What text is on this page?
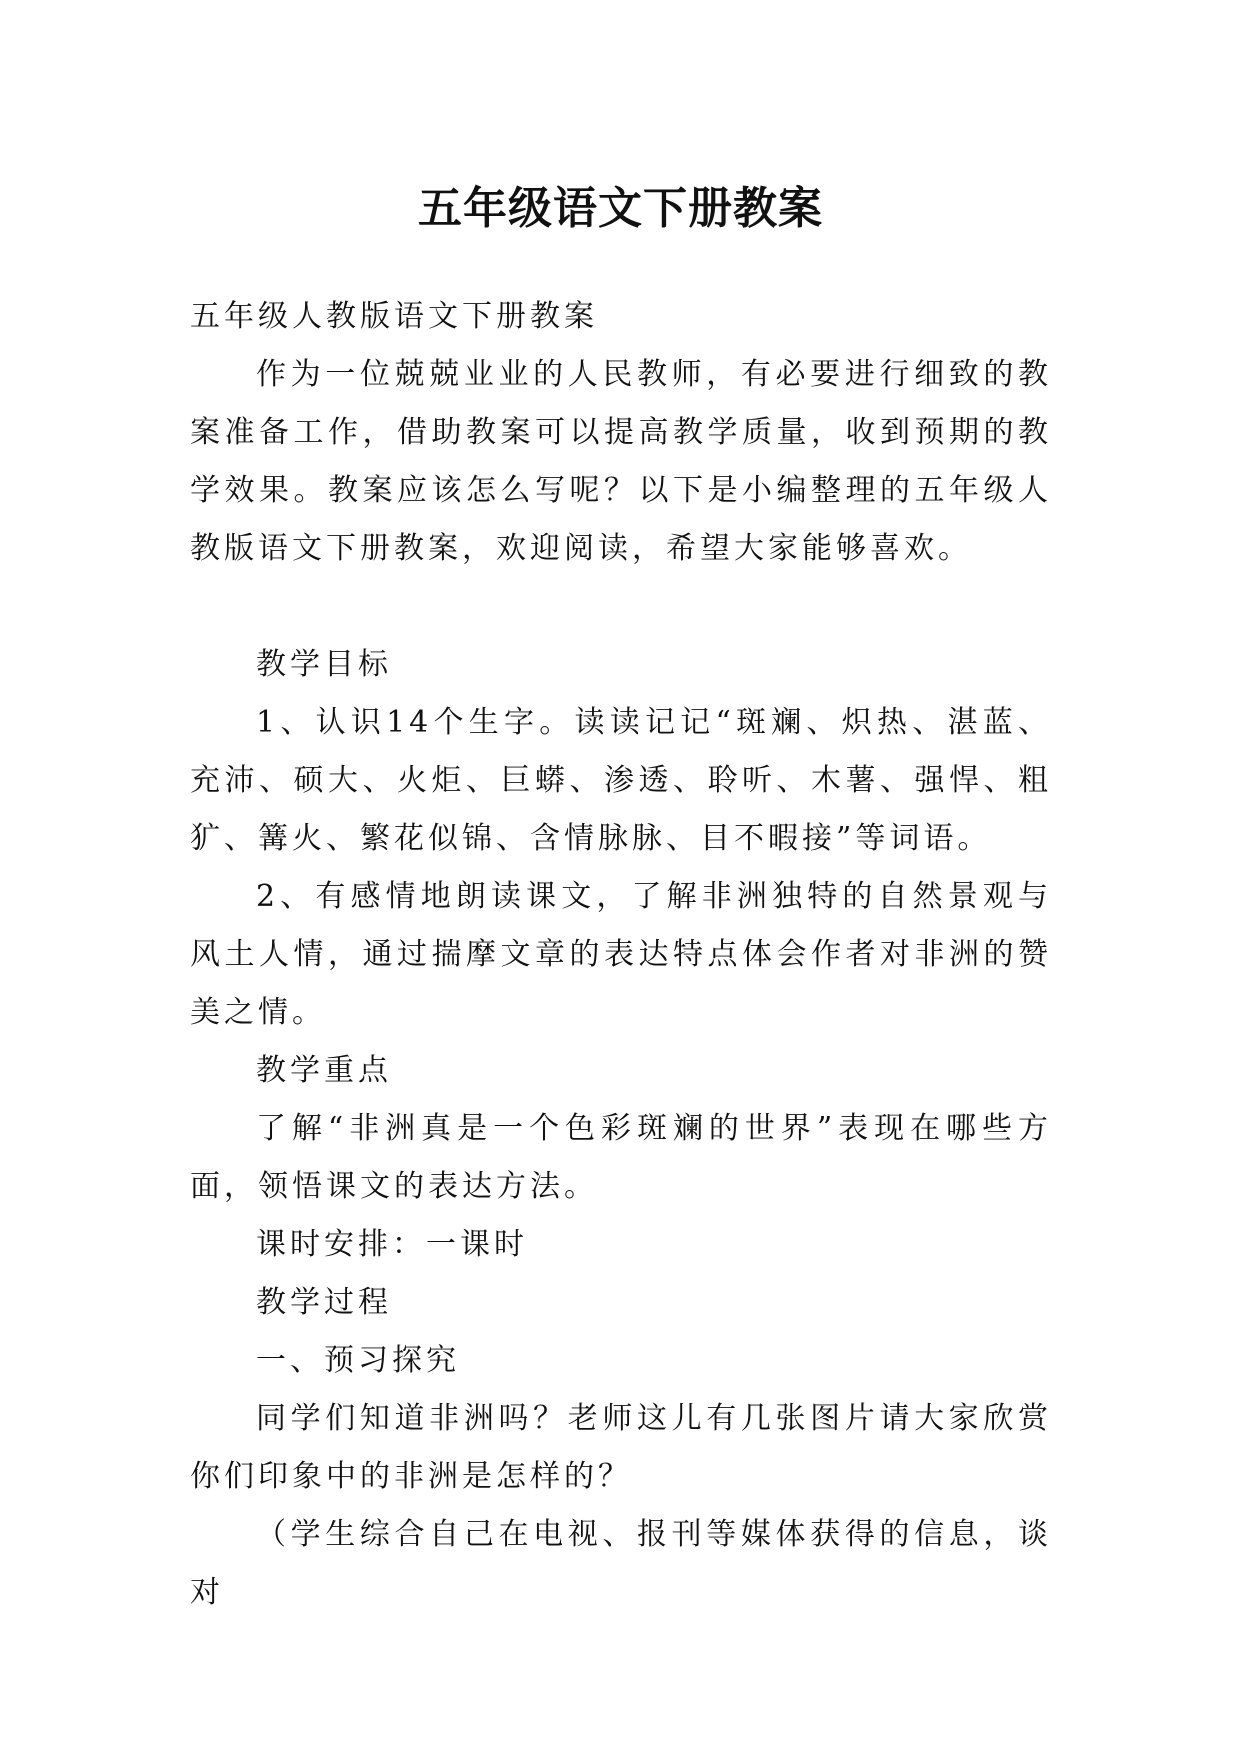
五年级语文下册教案

五年级人教版语文下册教案

作为一位兢兢业业的人民教师，有必要进行细致的教案准备工作，借助教案可以提高教学质量，收到预期的教学效果。教案应该怎么写呢？以下是小编整理的五年级人教版语文下册教案，欢迎阅读，希望大家能够喜欢。

教学目标

1、认识14个生字。读读记记“斑斓、炽热、湛蓝、充沛、硕大、火炬、巨蟒、渗透、聆听、木薯、强悍、粗犷、篝火、繁花似锦、含情脉脉、目不暇接”等词语。

2、有感情地朗读课文，了解非洲独特的自然景观与风土人情，通过揣摩文章的表达特点体会作者对非洲的赞美之情。

教学重点

了解“非洲真是一个色彩斑斓的世界”表现在哪些方面，领悟课文的表达方法。

课时安排：一课时

教学过程

一、预习探究

同学们知道非洲吗？老师这儿有几张图片请大家欣赏你们印象中的非洲是怎样的？

（学生综合自己在电视、报刊等媒体获得的信息，谈对
